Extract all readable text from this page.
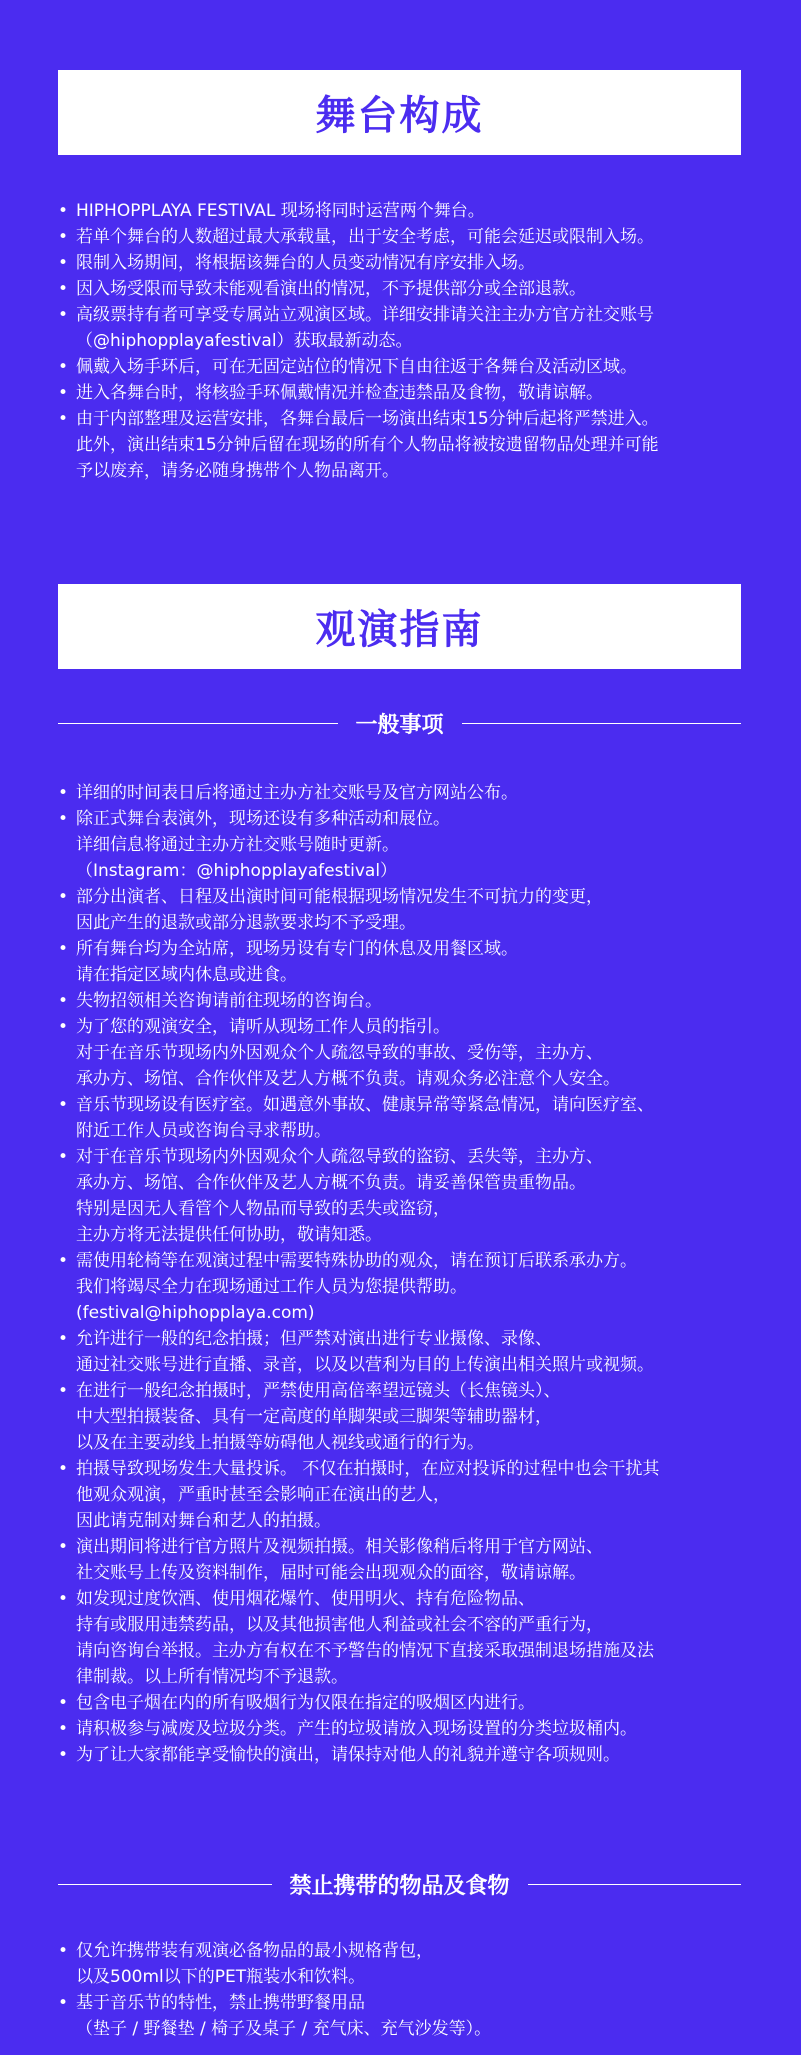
舞台构成
• HIPHOPPLAYA FESTIVAL 现场将同时运营两个舞台。
• 若单个舞台的人数超过最大承载量，出于安全考虑，可能会延迟或限制入场。
• 限制入场期间，将根据该舞台的人员变动情况有序安排入场。
• 因入场受限而导致未能观看演出的情况，不予提供部分或全部退款。
• 高级票持有者可享受专属站立观演区域。详细安排请关注主办方官方社交账号
（@hiphopplayafestival）获取最新动态。
• 佩戴入场手环后，可在无固定站位的情况下自由往返于各舞台及活动区域。
• 进入各舞台时，将核验手环佩戴情况并检查违禁品及食物，敬请谅解。
• 由于内部整理及运营安排，各舞台最后一场演出结束15分钟后起将严禁进入。
此外，演出结束15分钟后留在现场的所有个人物品将被按遗留物品处理并可能
予以废弃，请务必随身携带个人物品离开。
观演指南
一般事项
• 详细的时间表日后将通过主办方社交账号及官方网站公布。
• 除正式舞台表演外，现场还设有多种活动和展位。
详细信息将通过主办方社交账号随时更新。
（Instagram：@hiphopplayafestival）
• 部分出演者、日程及出演时间可能根据现场情况发生不可抗力的变更，
因此产生的退款或部分退款要求均不予受理。
• 所有舞台均为全站席，现场另设有专门的休息及用餐区域。
请在指定区域内休息或进食。
• 失物招领相关咨询请前往现场的咨询台。
• 为了您的观演安全，请听从现场工作人员的指引。
对于在音乐节现场内外因观众个人疏忽导致的事故、受伤等，主办方、
承办方、场馆、合作伙伴及艺人方概不负责。请观众务必注意个人安全。
• 音乐节现场设有医疗室。如遇意外事故、健康异常等紧急情况，请向医疗室、
附近工作人员或咨询台寻求帮助。
• 对于在音乐节现场内外因观众个人疏忽导致的盗窃、丢失等，主办方、
承办方、场馆、合作伙伴及艺人方概不负责。请妥善保管贵重物品。
特别是因无人看管个人物品而导致的丢失或盗窃，
主办方将无法提供任何协助，敬请知悉。
• 需使用轮椅等在观演过程中需要特殊协助的观众，请在预订后联系承办方。
我们将竭尽全力在现场通过工作人员为您提供帮助。
(festival@hiphopplaya.com)
• 允许进行一般的纪念拍摄；但严禁对演出进行专业摄像、录像、
通过社交账号进行直播、录音，以及以营利为目的上传演出相关照片或视频。
• 在进行一般纪念拍摄时，严禁使用高倍率望远镜头（长焦镜头）、
中大型拍摄装备、具有一定高度的单脚架或三脚架等辅助器材，
以及在主要动线上拍摄等妨碍他人视线或通行的行为。
• 拍摄导致现场发生大量投诉。 不仅在拍摄时，在应对投诉的过程中也会干扰其
他观众观演，严重时甚至会影响正在演出的艺人，
因此请克制对舞台和艺人的拍摄。
• 演出期间将进行官方照片及视频拍摄。相关影像稍后将用于官方网站、
社交账号上传及资料制作，届时可能会出现观众的面容，敬请谅解。
• 如发现过度饮酒、使用烟花爆竹、使用明火、持有危险物品、
持有或服用违禁药品，以及其他损害他人利益或社会不容的严重行为，
请向咨询台举报。主办方有权在不予警告的情况下直接采取强制退场措施及法
律制裁。以上所有情况均不予退款。
• 包含电子烟在内的所有吸烟行为仅限在指定的吸烟区内进行。
• 请积极参与减废及垃圾分类。产生的垃圾请放入现场设置的分类垃圾桶内。
• 为了让大家都能享受愉快的演出，请保持对他人的礼貌并遵守各项规则。
禁止携带的物品及食物
• 仅允许携带装有观演必备物品的最小规格背包，
以及500ml以下的PET瓶装水和饮料。
• 基于音乐节的特性，禁止携带野餐用品
（垫子 / 野餐垫 / 椅子及桌子 / 充气床、充气沙发等）。
